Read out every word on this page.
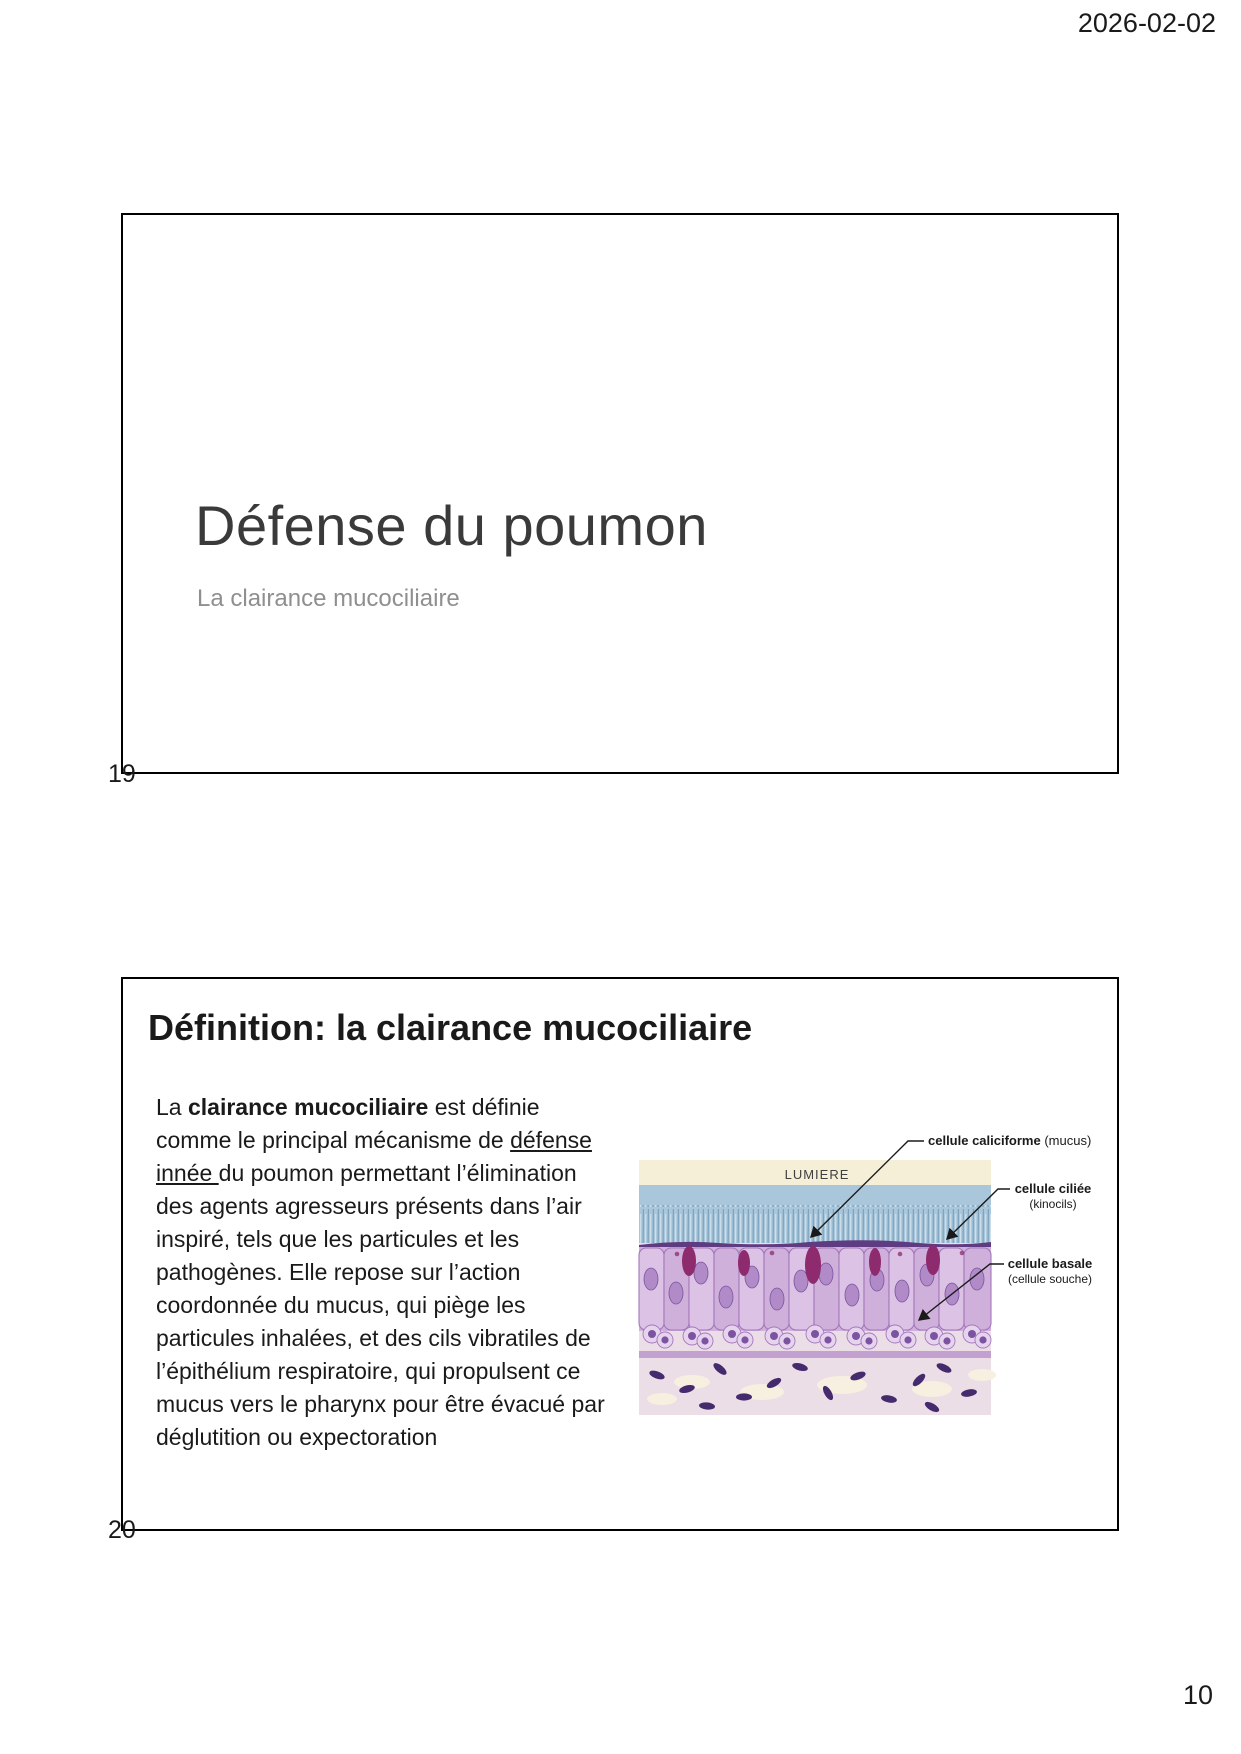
2026-02-02
Défense du poumon
La clairance mucociliaire
19
Définition: la clairance mucociliaire
La clairance mucociliaire est définie comme le principal mécanisme de défense innée du poumon permettant l’élimination des agents agresseurs présents dans l’air inspiré, tels que les particules et les pathogènes. Elle repose sur l’action coordonnée du mucus, qui piège les particules inhalées, et des cils vibratiles de l’épithélium respiratoire, qui propulsent ce mucus vers le pharynx pour être évacué par déglutition ou expectoration
LUMIERE
cellule caliciforme (mucus)
cellule ciliée
(kinocils)
cellule basale
(cellule souche)
20
10
